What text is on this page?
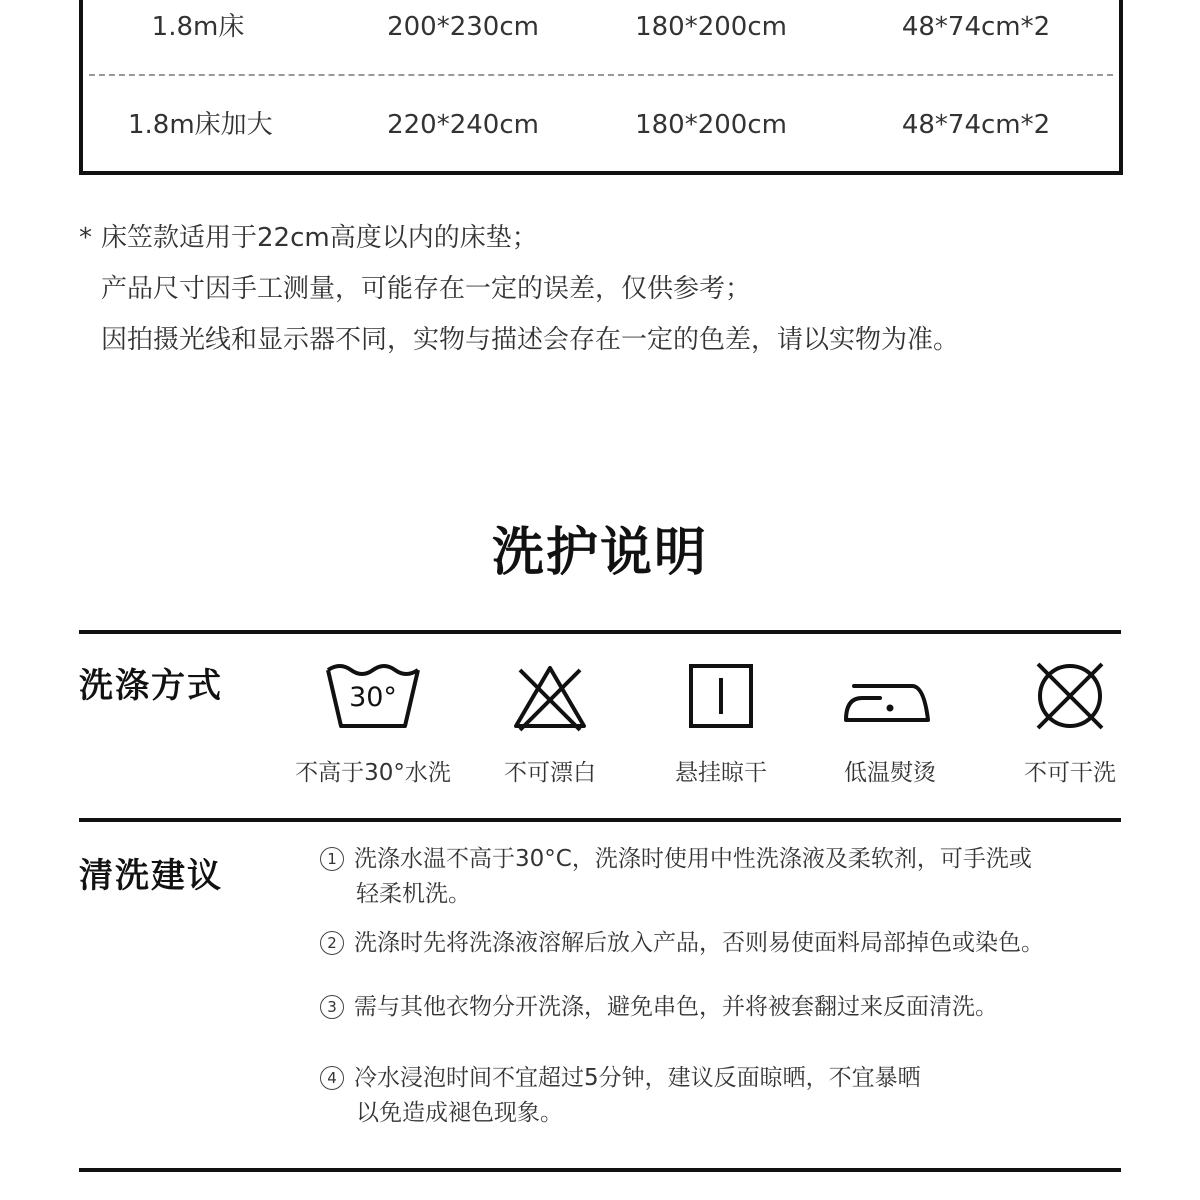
1.8m床	200*230cm	180*200cm	48*74cm*2
1.8m床加大	220*240cm	180*200cm	48*74cm*2
* 床笠款适用于22cm高度以内的床垫；
产品尺寸因手工测量，可能存在一定的误差，仅供参考；
因拍摄光线和显示器不同，实物与描述会存在一定的色差，请以实物为准。
洗护说明
洗涤方式	30°
不高于30°水洗	不可漂白	悬挂晾干	低温熨烫	不可干洗
清洗建议	1 洗涤水温不高于30°C，洗涤时使用中性洗涤液及柔软剂，可手洗或
轻柔机洗。
2 洗涤时先将洗涤液溶解后放入产品，否则易使面料局部掉色或染色。
3 需与其他衣物分开洗涤，避免串色，并将被套翻过来反面清洗。
4 冷水浸泡时间不宜超过5分钟，建议反面晾晒，不宜暴晒
以免造成褪色现象。
